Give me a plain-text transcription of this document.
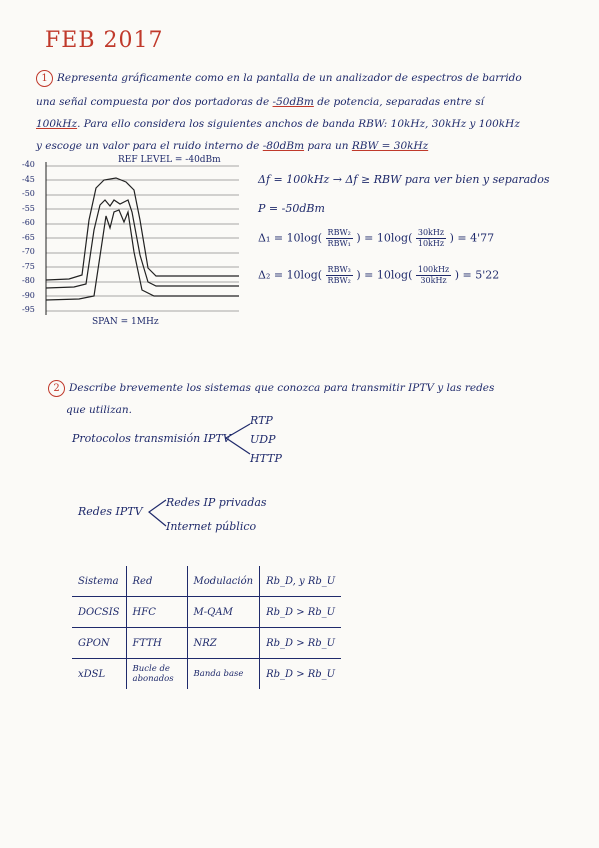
FEB 2017
1 Representa gráficamente como en la pantalla de un analizador de espectros de barrido
una señal compuesta por dos portadoras de -50dBm de potencia, separadas entre sí
100kHz. Para ello considera los siguientes anchos de banda RBW: 10kHz, 30kHz y 100kHz
y escoge un valor para el ruido interno de -80dBm para un RBW = 30kHz
REF LEVEL = -40dBm
-40
-45
-50
-55
-60
-65
-70
-75
-80
-90
-95
SPAN = 1MHz
Δf = 100kHz → Δf ≥ RBW para ver bien y separados
P = -50dBm
$\Delta_1 = 10\log( \frac{\text{RBW₂}}{\text{RBW₁}}$ ) = $10\log( \frac{\text{30kHz}}{\text{10kHz}}$ ) = 4'77
$\Delta_2 = 10\log( \frac{\text{RBW₃}}{\text{RBW₂}}$ ) = $10\log( \frac{\text{100kHz}}{\text{30kHz}}$ ) = 5'22
2 Describe brevemente los sistemas que conozca para transmitir IPTV y las redes
que utilizan.
Protocolos transmisión IPTV
RTP
UDP
HTTP
Redes IPTV
Redes IP privadas
Internet público
Sistema	Red	Modulación	Rb_D, y Rb_U
DOCSIS	HFC	M-QAM	Rb_D > Rb_U
GPON	FTTH	NRZ	Rb_D > Rb_U
xDSL	Bucle de abonados	Banda base	Rb_D > Rb_U
